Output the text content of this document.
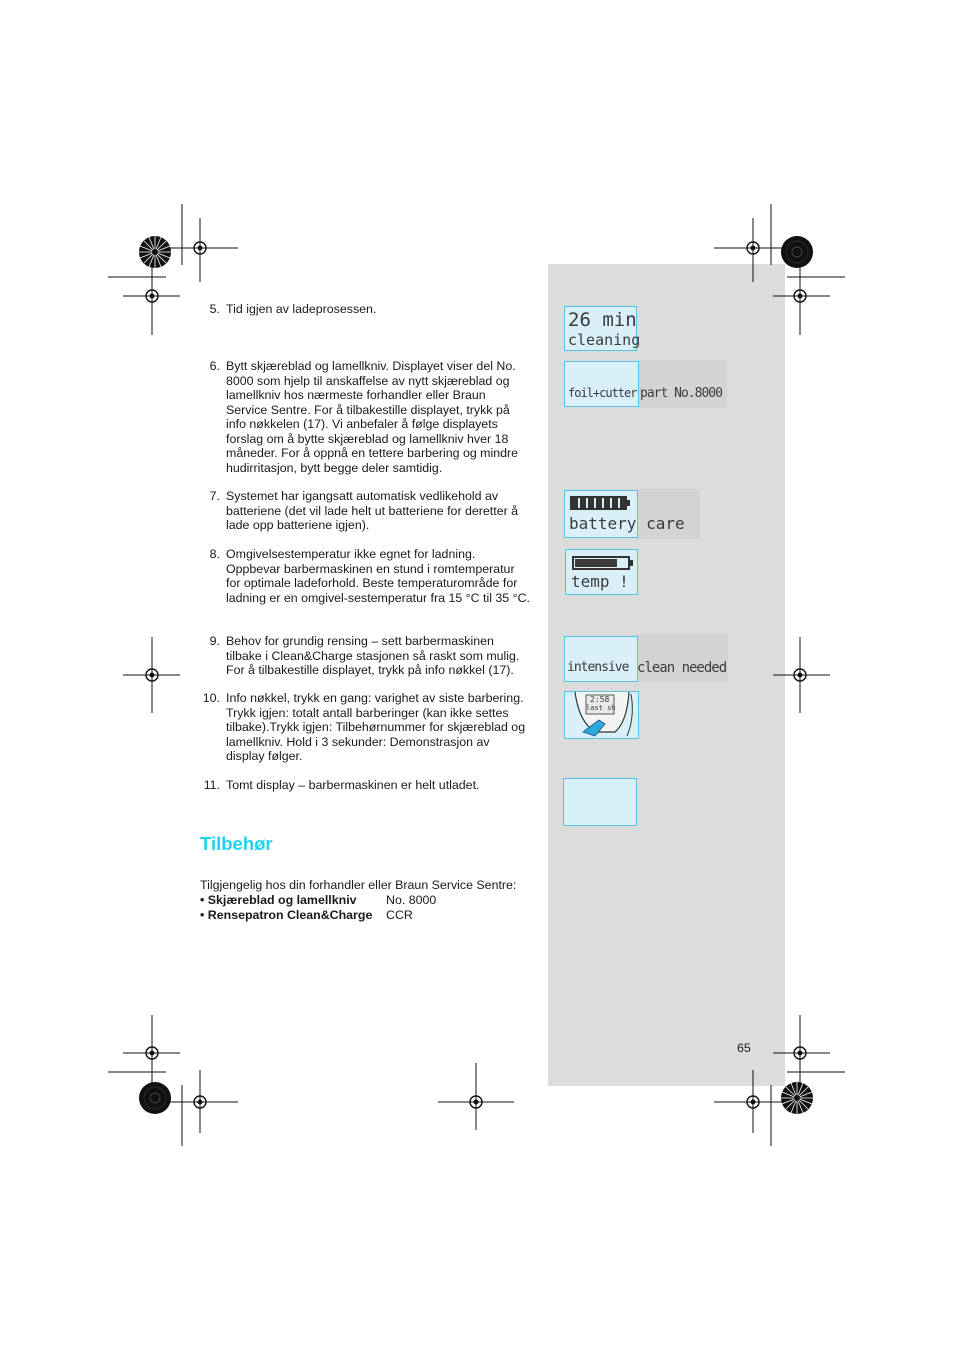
5. Tid igjen av ladeprosessen.
6. Bytt skjæreblad og lamellkniv. Displayet viser del No. 8000 som hjelp til anskaffelse av nytt skjæreblad og lamellkniv hos nærmeste forhandler eller Braun Service Sentre. For å tilbakestille displayet, trykk på info nøkkelen (17). Vi anbefaler å følge displayets forslag om å bytte skjæreblad og lamellkniv hver 18 måneder. For å oppnå en tettere barbering og mindre hudirritasjon, bytt begge deler samtidig.
7. Systemet har igangsatt automatisk vedlikehold av batteriene (det vil lade helt ut batteriene for deretter å lade opp batteriene igjen).
8. Omgivelsestemperatur ikke egnet for ladning. Oppbevar barbermaskinen en stund i romtemperatur for optimale ladeforhold. Beste temperaturområde for ladning er en omgivel-sestemperatur fra 15 °C til 35 °C.
9. Behov for grundig rensing – sett barbermaskinen tilbake i Clean&Charge stasjonen så raskt som mulig. For å tilbakestille displayet, trykk på info nøkkel (17).
10. Info nøkkel, trykk en gang: varighet av siste barbering. Trykk igjen: totalt antall barberinger (kan ikke settes tilbake).Trykk igjen: Tilbehørnummer for skjæreblad og lamellkniv. Hold i 3 sekunder: Demonstrasjon av display følger.
11. Tomt display – barbermaskinen er helt utladet.
Tilbehør
Tilgjengelig hos din forhandler eller Braun Service Sentre:
• Skjæreblad og lamellkniv No. 8000
• Rensepatron Clean&Charge CCR
65
26 min
cleaning
foil+cutter part No.8000
battery care
temp !
intensive clean needed
2:58
last sh
